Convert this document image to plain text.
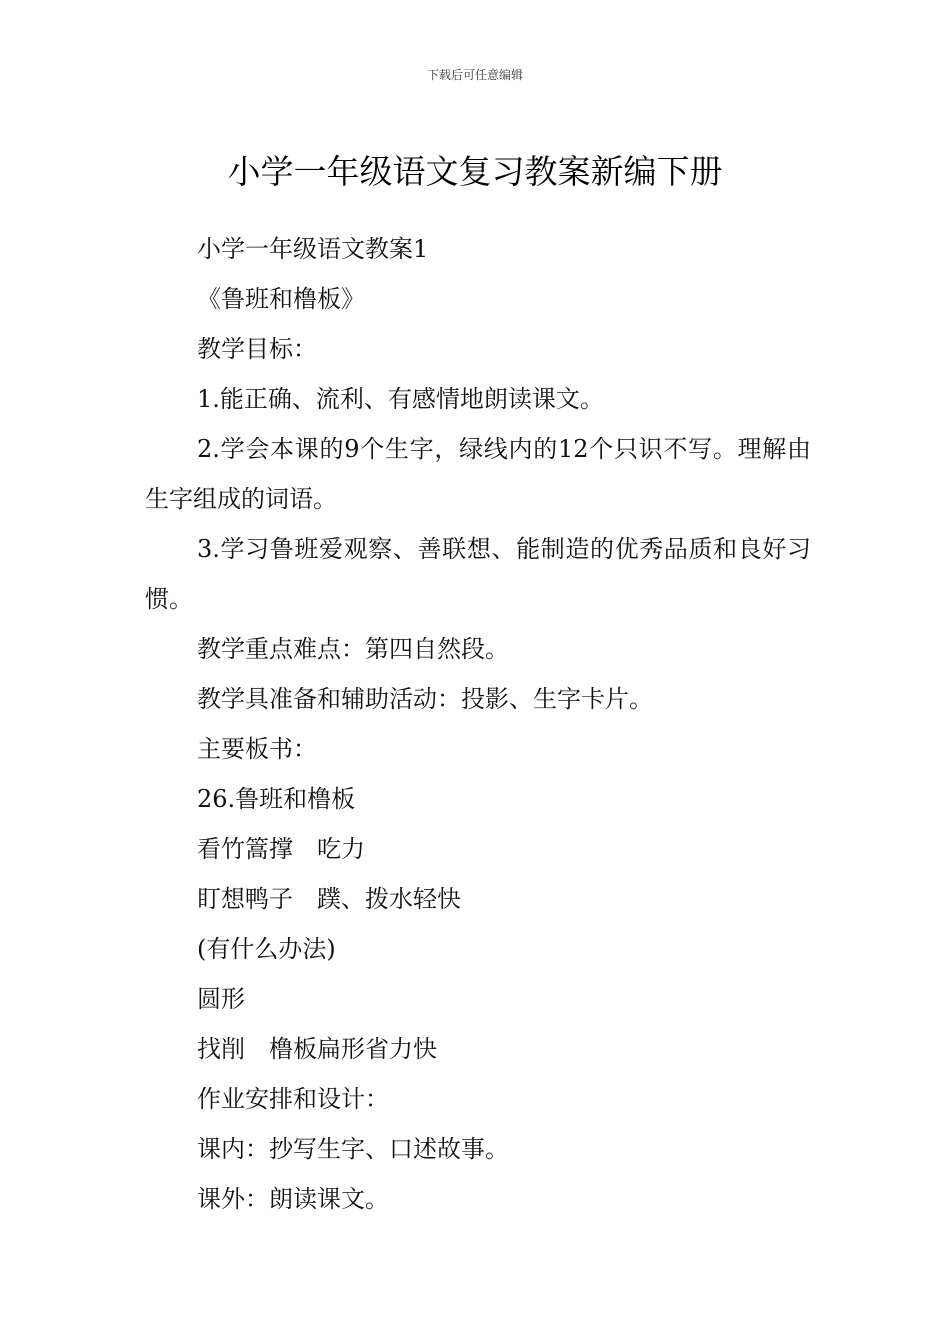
下载后可任意编辑
小学一年级语文复习教案新编下册

小学一年级语文教案1

《鲁班和橹板》

教学目标：

1.能正确、流利、有感情地朗读课文。

2.学会本课的9个生字，绿线内的12个只识不写。理解由生字组成的词语。

3.学习鲁班爱观察、善联想、能制造的优秀品质和良好习惯。

教学重点难点：第四自然段。

教学具准备和辅助活动：投影、生字卡片。

主要板书：

26.鲁班和橹板

看竹篙撑　吃力

盯想鸭子　蹼、拨水轻快

(有什么办法)

圆形

找削　橹板扁形省力快

作业安排和设计：

课内：抄写生字、口述故事。

课外：朗读课文。
